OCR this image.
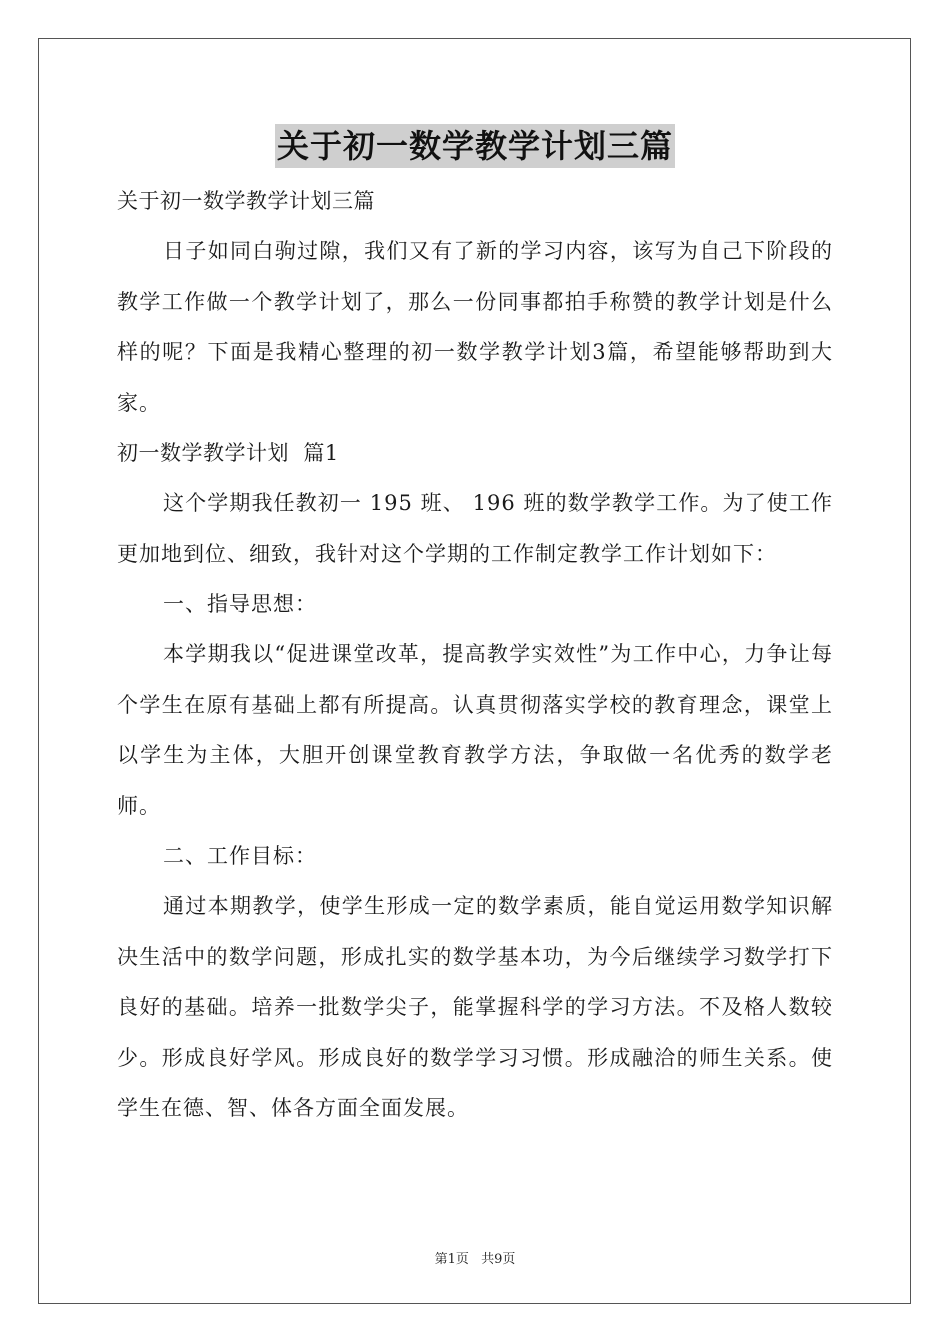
关于初一数学教学计划三篇

关于初一数学教学计划三篇

日子如同白驹过隙，我们又有了新的学习内容，该写为自己下阶段的教学工作做一个教学计划了，那么一份同事都拍手称赞的教学计划是什么样的呢？下面是我精心整理的初一数学教学计划3篇，希望能够帮助到大家。

初一数学教学计划  篇1

这个学期我任教初一 195 班、 196 班的数学教学工作。为了使工作更加地到位、细致，我针对这个学期的工作制定教学工作计划如下：

一、指导思想：

本学期我以“促进课堂改革，提高教学实效性”为工作中心，力争让每个学生在原有基础上都有所提高。认真贯彻落实学校的教育理念，课堂上以学生为主体，大胆开创课堂教育教学方法，争取做一名优秀的数学老师。

二、工作目标：

通过本期教学，使学生形成一定的数学素质，能自觉运用数学知识解决生活中的数学问题，形成扎实的数学基本功，为今后继续学习数学打下良好的基础。培养一批数学尖子，能掌握科学的学习方法。不及格人数较少。形成良好学风。形成良好的数学学习习惯。形成融洽的师生关系。使学生在德、智、体各方面全面发展。

第1页 共9页
